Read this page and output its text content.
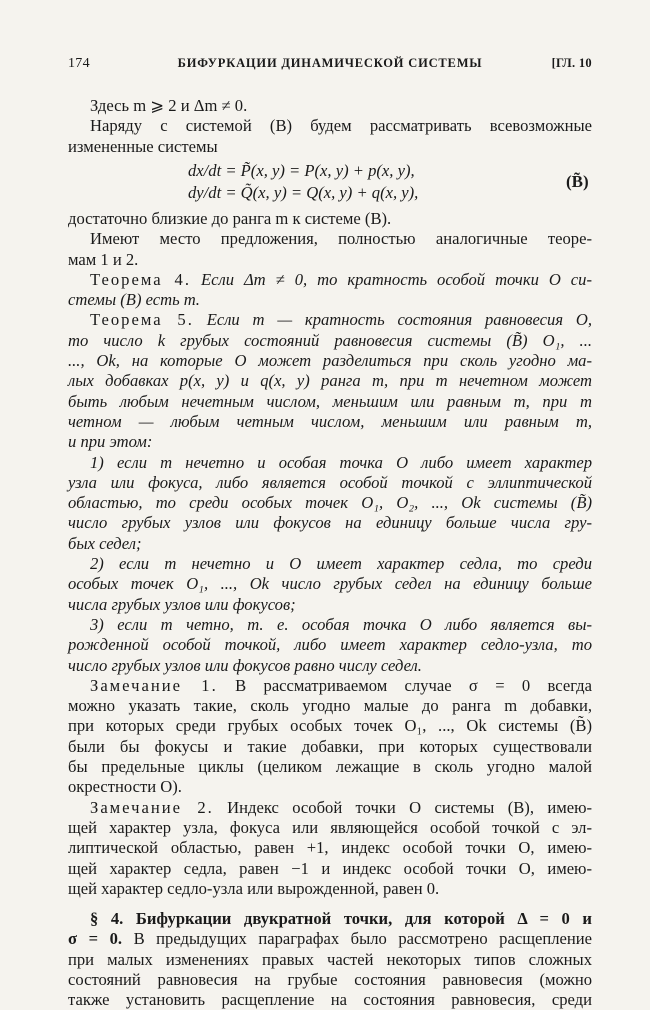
174	БИФУРКАЦИИ ДИНАМИЧЕСКОЙ СИСТЕМЫ	[ГЛ. 10
Здесь m ⩾ 2 и Δm ≠ 0.
Наряду с системой (В) будем рассматривать всевозможные
измененные системы
dx/dt = P̃(x, y) = P(x, y) + p(x, y),
dy/dt = Q̃(x, y) = Q(x, y) + q(x, y),
(B̃)
достаточно близкие до ранга m к системе (В).
Имеют место предложения, полностью аналогичные теоре-
мам 1 и 2.
Теорема 4. Если Δm ≠ 0, то кратность особой точки O си-
стемы (В) есть m.
Теорема 5. Если m — кратность состояния равновесия O,
то число k грубых состояний равновесия системы (B̃) O₁, ...
..., Ok, на которые O может разделиться при сколь угодно ма-
лых добавках p(x, y) и q(x, y) ранга m, при m нечетном может
быть любым нечетным числом, меньшим или равным m, при m
четном — любым четным числом, меньшим или равным m,
и при этом:
1) если m нечетно и особая точка O либо имеет характер
узла или фокуса, либо является особой точкой с эллиптической
областью, то среди особых точек O₁, O₂, ..., Ok системы (B̃)
число грубых узлов или фокусов на единицу больше числа гру-
бых седел;
2) если m нечетно и O имеет характер седла, то среди
особых точек O₁, ..., Ok число грубых седел на единицу больше
числа грубых узлов или фокусов;
3) если m четно, т. е. особая точка O либо является вы-
рожденной особой точкой, либо имеет характер седло-узла, то
число грубых узлов или фокусов равно числу седел.
Замечание 1. В рассматриваемом случае σ = 0 всегда
можно указать такие, сколь угодно малые до ранга m добавки,
при которых среди грубых особых точек O₁, ..., Ok системы (B̃)
были бы фокусы и такие добавки, при которых существовали
бы предельные циклы (целиком лежащие в сколь угодно малой
окрестности O).
Замечание 2. Индекс особой точки O системы (В), имею-
щей характер узла, фокуса или являющейся особой точкой с эл-
липтической областью, равен +1, индекс особой точки O, имею-
щей характер седла, равен −1 и индекс особой точки O, имею-
щей характер седло-узла или вырожденной, равен 0.
§ 4. Бифуркации двукратной точки, для которой Δ = 0 и
σ = 0. В предыдущих параграфах было рассмотрено расщепление
при малых изменениях правых частей некоторых типов сложных
состояний равновесия на грубые состояния равновесия (можно
также установить расщепление на состояния равновесия, среди
